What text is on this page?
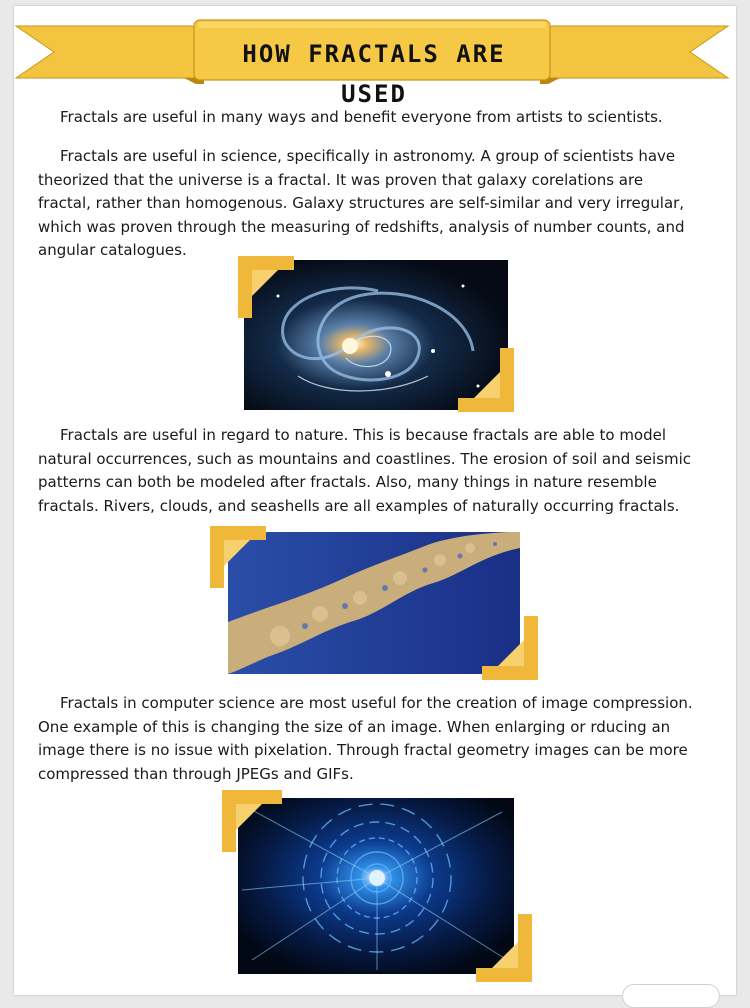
HOW FRACTALS ARE USED

Fractals are useful in many ways and benefit everyone from artists to scientists.

Fractals are useful in science, specifically in astronomy. A group of scientists have theorized that the universe is a fractal. It was proven that galaxy corelations are fractal, rather than homogenous. Galaxy structures are self-similar and very irregular, which was proven through the measuring of redshifts, analysis of number counts, and angular catalogues.

Fractals are useful in regard to nature. This is because fractals are able to model natural occurrences, such as mountains and coastlines. The erosion of soil and seismic patterns can both be modeled after fractals. Also, many things in nature resemble fractals. Rivers, clouds, and seashells are all examples of naturally occurring fractals.

Fractals in computer science are most useful for the creation of image compression. One example of this is changing the size of an image. When enlarging or rducing an image there is no issue with pixelation. Through fractal geometry images can be more compressed than through JPEGs and GIFs.
